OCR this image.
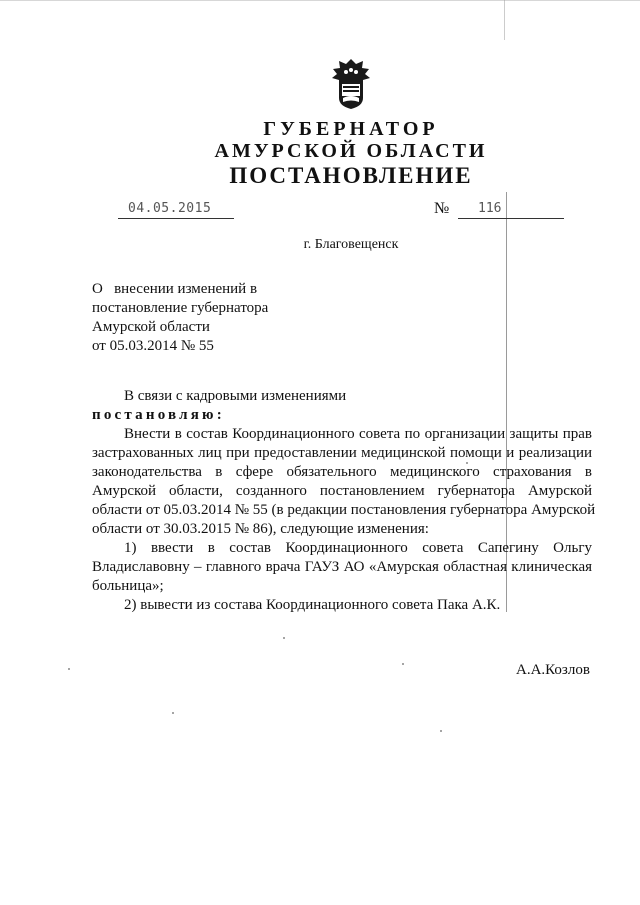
ГУБЕРНАТОР
АМУРСКОЙ ОБЛАСТИ
ПОСТАНОВЛЕНИЕ
04.05.2015	№ 116
г. Благовещенск
О   внесении изменений в
постановление губернатора
Амурской области
от 05.03.2014 № 55
В связи с кадровыми изменениями
постановляю:
Внести в состав Координационного совета по организации защиты прав
застрахованных лиц при предоставлении медицинской помощи и реализации
законодательства в сфере обязательного медицинского страхования в
Амурской области, созданного постановлением губернатора Амурской
области от 05.03.2014 № 55 (в редакции постановления губернатора Амурской
области от 30.03.2015 № 86), следующие изменения:
1) ввести в состав Координационного совета Сапегину Ольгу
Владиславовну – главного врача ГАУЗ АО «Амурская областная клиническая
больница»;
2) вывести из состава Координационного совета Пака А.К.
А.А.Козлов
